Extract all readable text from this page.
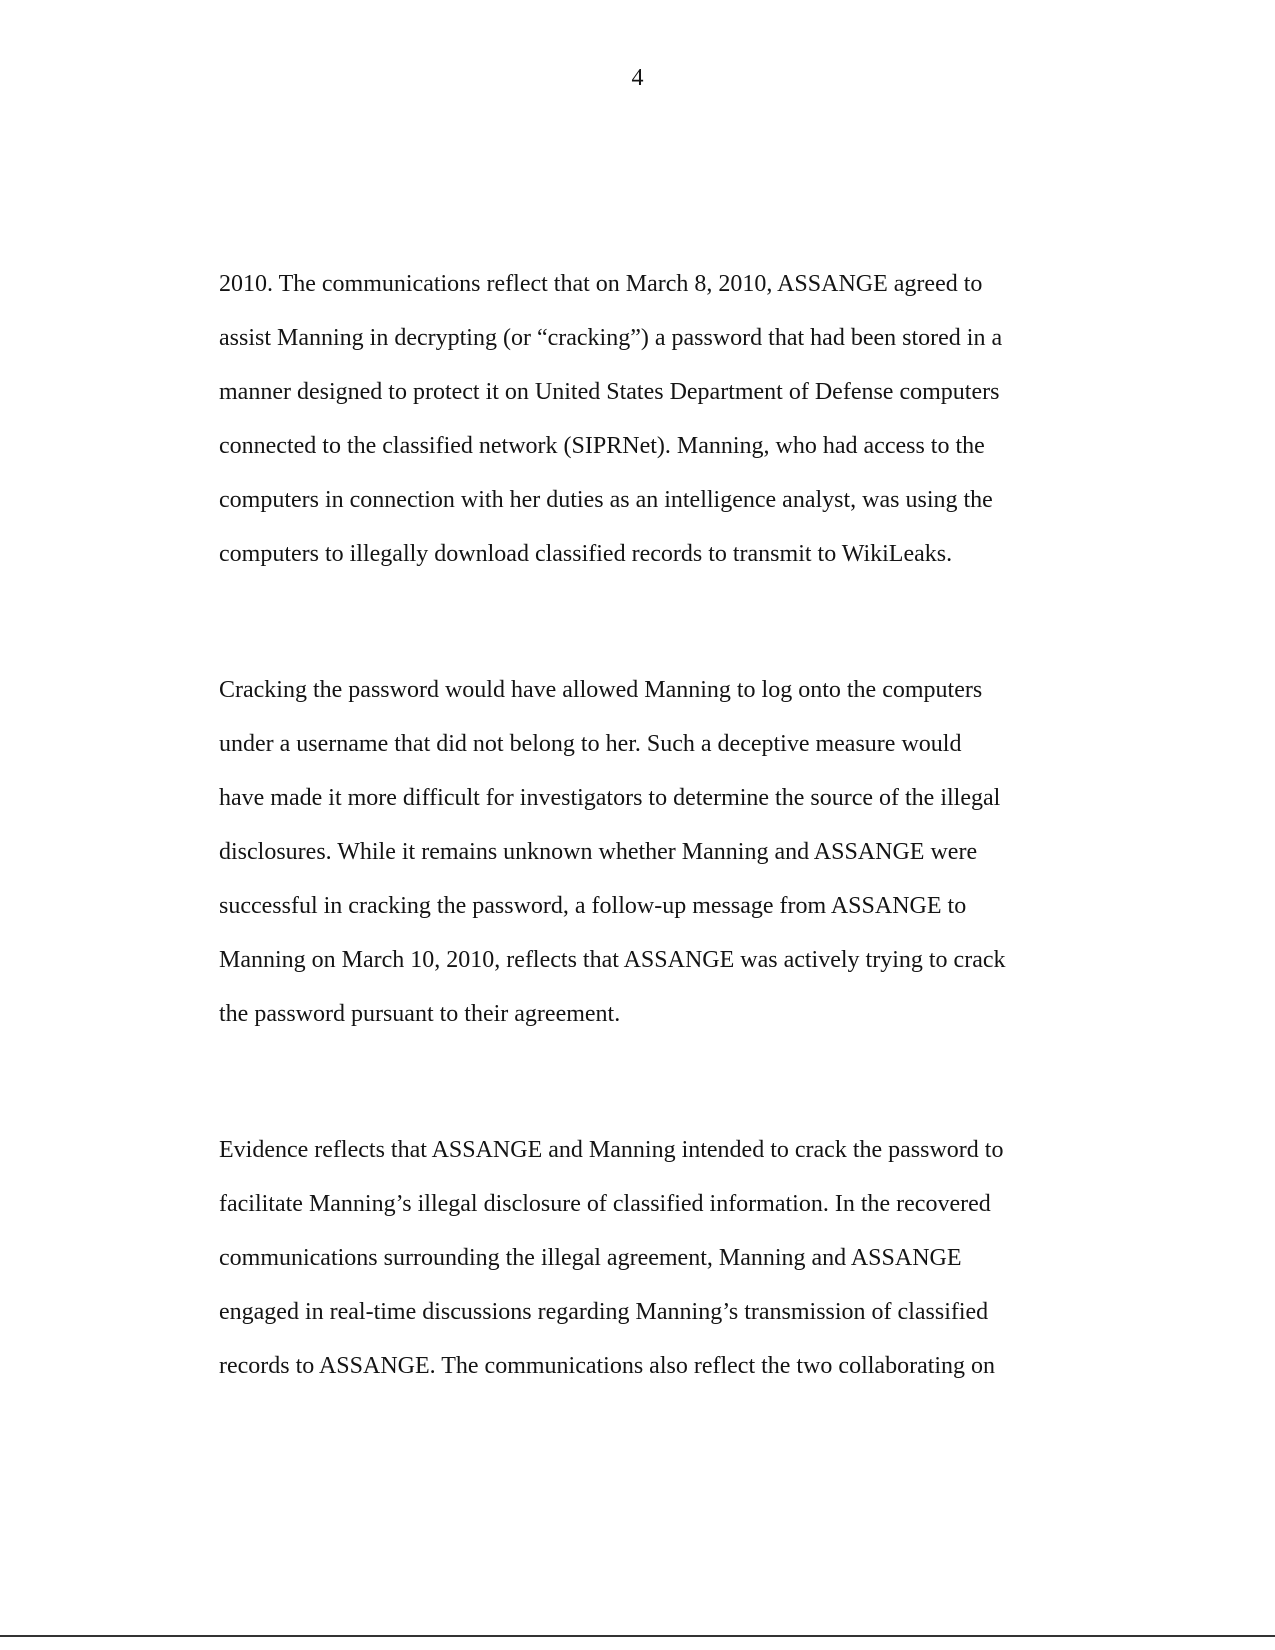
4
2010. The communications reflect that on March 8, 2010, ASSANGE agreed to
assist Manning in decrypting (or “cracking”) a password that had been stored in a
manner designed to protect it on United States Department of Defense computers
connected to the classified network (SIPRNet). Manning, who had access to the
computers in connection with her duties as an intelligence analyst, was using the
computers to illegally download classified records to transmit to WikiLeaks.
Cracking the password would have allowed Manning to log onto the computers
under a username that did not belong to her. Such a deceptive measure would
have made it more difficult for investigators to determine the source of the illegal
disclosures. While it remains unknown whether Manning and ASSANGE were
successful in cracking the password, a follow-up message from ASSANGE to
Manning on March 10, 2010, reflects that ASSANGE was actively trying to crack
the password pursuant to their agreement.
Evidence reflects that ASSANGE and Manning intended to crack the password to
facilitate Manning’s illegal disclosure of classified information. In the recovered
communications surrounding the illegal agreement, Manning and ASSANGE
engaged in real-time discussions regarding Manning’s transmission of classified
records to ASSANGE. The communications also reflect the two collaborating on
